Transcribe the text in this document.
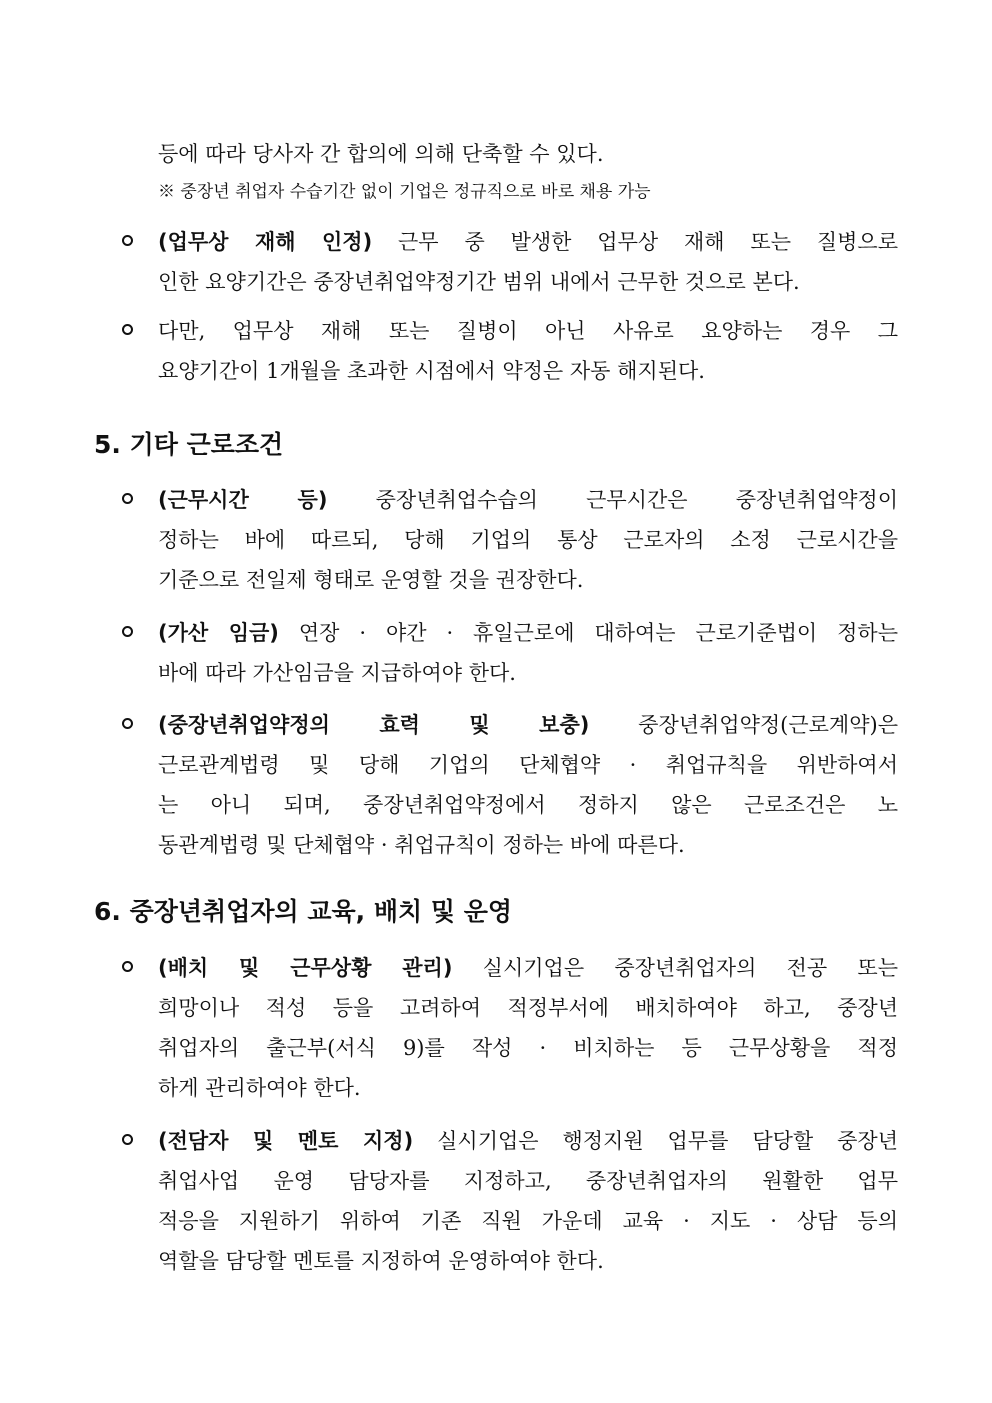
등에 따라 당사자 간 합의에 의해 단축할 수 있다.
※ 중장년 취업자 수습기간 없이 기업은 정규직으로 바로 채용 가능
(업무상 재해 인정) 근무 중 발생한 업무상 재해 또는 질병으로
인한 요양기간은 중장년취업약정기간 범위 내에서 근무한 것으로 본다.
다만, 업무상 재해 또는 질병이 아닌 사유로 요양하는 경우 그
요양기간이 1개월을 초과한 시점에서 약정은 자동 해지된다.
5. 기타 근로조건
(근무시간 등) 중장년취업수습의 근무시간은 중장년취업약정이
정하는 바에 따르되, 당해 기업의 통상 근로자의 소정 근로시간을
기준으로 전일제 형태로 운영할 것을 권장한다.
(가산 임금) 연장 · 야간 · 휴일근로에 대하여는 근로기준법이 정하는
바에 따라 가산임금을 지급하여야 한다.
(중장년취업약정의 효력 및 보충) 중장년취업약정(근로계약)은
근로관계법령 및 당해 기업의 단체협약 · 취업규칙을 위반하여서
는 아니 되며, 중장년취업약정에서 정하지 않은 근로조건은 노
동관계법령 및 단체협약 · 취업규칙이 정하는 바에 따른다.
6. 중장년취업자의 교육, 배치 및 운영
(배치 및 근무상황 관리) 실시기업은 중장년취업자의 전공 또는
희망이나 적성 등을 고려하여 적정부서에 배치하여야 하고, 중장년
취업자의 출근부(서식 9)를 작성 · 비치하는 등 근무상황을 적정
하게 관리하여야 한다.
(전담자 및 멘토 지정) 실시기업은 행정지원 업무를 담당할 중장년
취업사업 운영 담당자를 지정하고, 중장년취업자의 원활한 업무
적응을 지원하기 위하여 기존 직원 가운데 교육 · 지도 · 상담 등의
역할을 담당할 멘토를 지정하여 운영하여야 한다.
